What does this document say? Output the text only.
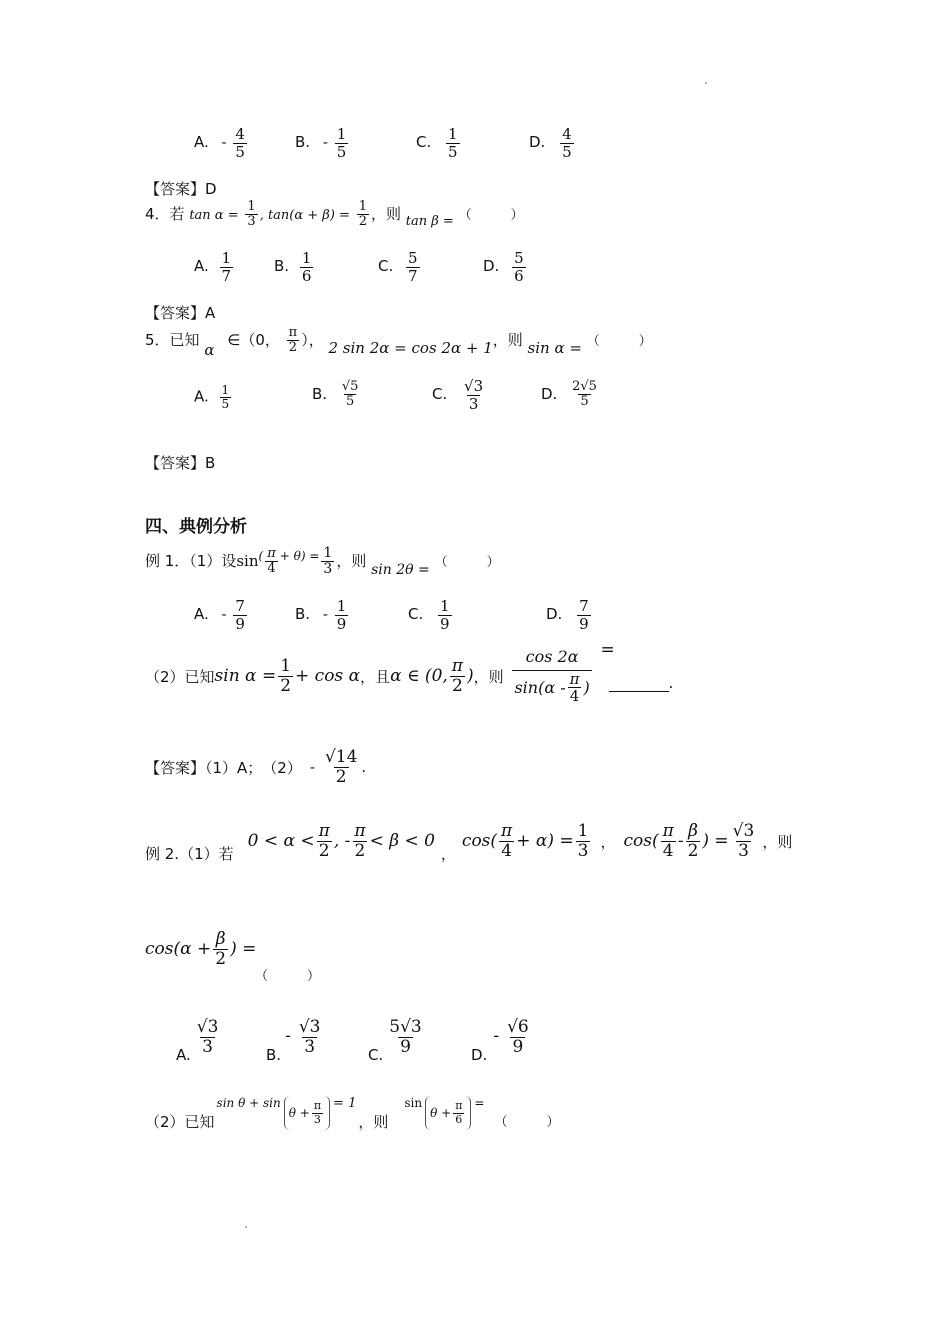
A. - $\frac{4}{5}$	B. - $\frac{1}{5}$	C. $\frac{1}{5}$	D. $\frac{4}{5}$
【答案】D
4．若 $\tan \alpha = \frac{1}{3}$ , $\tan(\alpha + \beta) = \frac{1}{2}$ ，则 tan β = （　　　）
A. $\frac{1}{7}$	B. $\frac{1}{6}$	C. $\frac{5}{7}$	D. $\frac{5}{6}$
【答案】A
5．已知 α ∈（0， $\frac{\pi}{2}$ ）， 2 sin 2α = cos 2α + 1，则 sin α = （　　　）
A. $\frac{1}{5}$	B. $\frac{√5}{5}$	C. $\frac{√3}{3}$	D. $\frac{2√5}{5}$
【答案】B
四、典例分析
例 1．（1）设$\sin^( \frac{\pi}{4} ^{+ \theta) =} \frac{1}{3}$ ，则 sin 2θ = （　　　）
A. - $\frac{7}{9}$	B. - $\frac{1}{9}$	C. $\frac{1}{9}$	D. $\frac{7}{9}$
（2）已知 $\sin \alpha = \frac{1}{2} + \cos \alpha$ ，且 α ∈ (0, $\frac{\pi}{2}$ ) ，则 $\frac{\cos 2\alpha}{\sin(\alpha - \frac{\pi}{4} )}$ =
.
【答案】（1）A；　$(2) - \frac{√14}{2}$ .
例 2.（1）若
$0 < \alpha < \frac{\pi}{2}$ , - $\frac{\pi}{2} < \beta < 0$
，
$\cos( \frac{\pi}{4} + \alpha) = \frac{1}{3}$ ， $\cos( \frac{\pi}{4} - \frac{\beta}{2}$ ) = $\frac{√3}{3}$ ，则
$\cos(\alpha + \frac{\beta}{2}$ ) =
（　　　）
A. $\frac{√3}{3}$	B.
- $\frac{√3}{3}$	C. $\frac{5√3}{9}$	D.
- $\frac{√6}{9}$
（2）已知
sin θ + sin
$\theta + \frac{\pi}{3} = 1$
，则
sin
$\theta + \frac{\pi}{6}$ =
（　　　）
